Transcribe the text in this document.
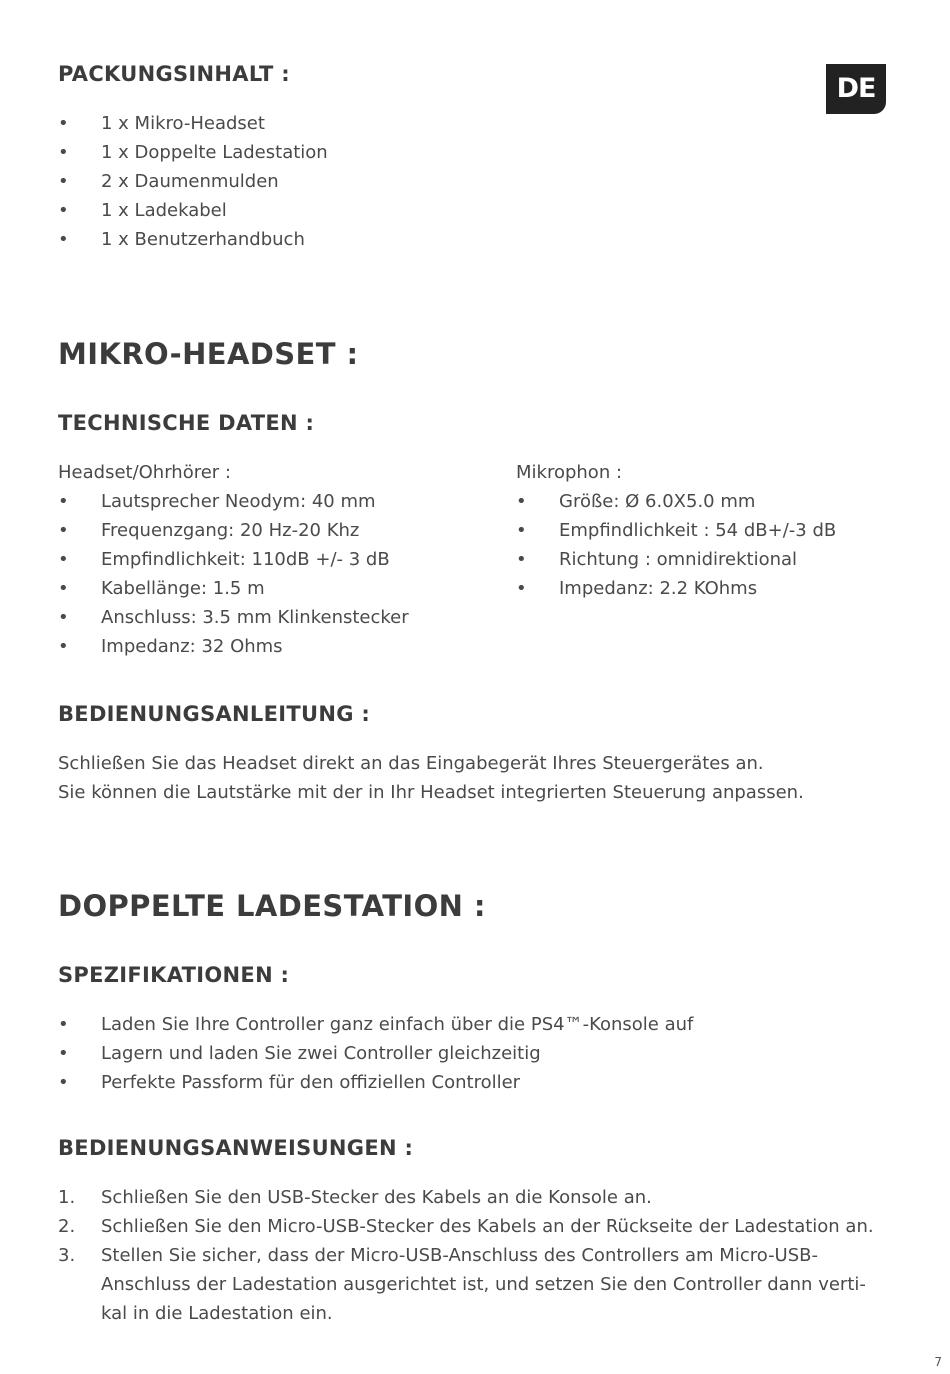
DE
PACKUNGSINHALT :
• 1 x Mikro-Headset
• 1 x Doppelte Ladestation
• 2 x Daumenmulden
• 1 x Ladekabel
• 1 x Benutzerhandbuch
MIKRO-HEADSET :
TECHNISCHE DATEN :
Headset/Ohrhörer :
• Lautsprecher Neodym: 40 mm
• Frequenzgang: 20 Hz-20 Khz
• Empfindlichkeit: 110dB +/- 3 dB
• Kabellänge: 1.5 m
• Anschluss: 3.5 mm Klinkenstecker
• Impedanz: 32 Ohms
Mikrophon :
• Größe: Ø 6.0X5.0 mm
• Empfindlichkeit : 54 dB+/-3 dB
• Richtung : omnidirektional
• Impedanz: 2.2 KOhms
BEDIENUNGSANLEITUNG :
Schließen Sie das Headset direkt an das Eingabegerät Ihres Steuergerätes an.
Sie können die Lautstärke mit der in Ihr Headset integrierten Steuerung anpassen.
DOPPELTE LADESTATION :
SPEZIFIKATIONEN :
• Laden Sie Ihre Controller ganz einfach über die PS4™-Konsole auf
• Lagern und laden Sie zwei Controller gleichzeitig
• Perfekte Passform für den offiziellen Controller
BEDIENUNGSANWEISUNGEN :
1. Schließen Sie den USB-Stecker des Kabels an die Konsole an.
2. Schließen Sie den Micro-USB-Stecker des Kabels an der Rückseite der Ladestation an.
3. Stellen Sie sicher, dass der Micro-USB-Anschluss des Controllers am Micro-USB-
Anschluss der Ladestation ausgerichtet ist, und setzen Sie den Controller dann verti-
kal in die Ladestation ein.
7
